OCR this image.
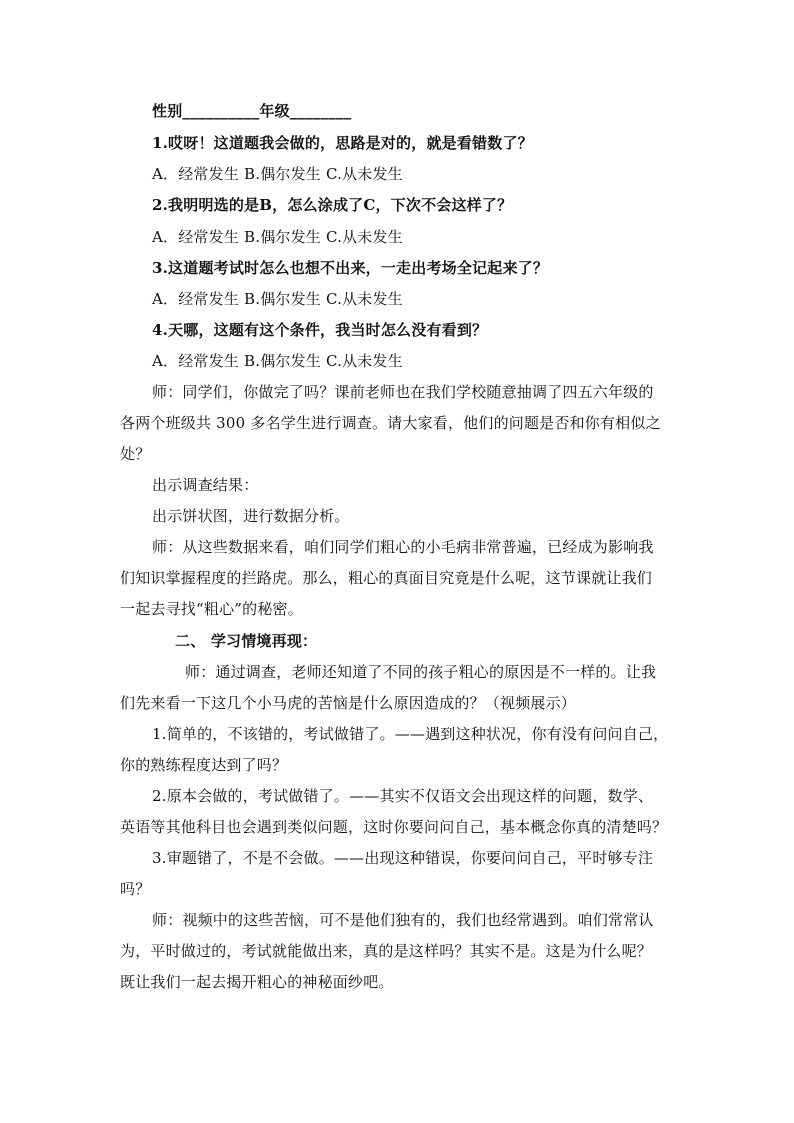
性别__________年级________
1.哎呀！这道题我会做的，思路是对的，就是看错数了？
A．经常发生 B.偶尔发生 C.从未发生
2.我明明选的是B，怎么涂成了C，下次不会这样了？
A．经常发生 B.偶尔发生 C.从未发生
3.这道题考试时怎么也想不出来，一走出考场全记起来了？
A．经常发生 B.偶尔发生 C.从未发生
4.天哪，这题有这个条件，我当时怎么没有看到？
A．经常发生 B.偶尔发生 C.从未发生
师：同学们，你做完了吗？课前老师也在我们学校随意抽调了四五六年级的
各两个班级共 300 多名学生进行调查。请大家看，他们的问题是否和你有相似之
处？
出示调查结果：
出示饼状图，进行数据分析。
师：从这些数据来看，咱们同学们粗心的小毛病非常普遍，已经成为影响我
们知识掌握程度的拦路虎。那么，粗心的真面目究竟是什么呢，这节课就让我们
一起去寻找“粗心”的秘密。
二、 学习情境再现：
师：通过调查，老师还知道了不同的孩子粗心的原因是不一样的。让我
们先来看一下这几个小马虎的苦恼是什么原因造成的？（视频展示）
1.简单的，不该错的，考试做错了。——遇到这种状况，你有没有问问自己，
你的熟练程度达到了吗？
2.原本会做的，考试做错了。——其实不仅语文会出现这样的问题，数学、
英语等其他科目也会遇到类似问题，这时你要问问自己，基本概念你真的清楚吗？
3.审题错了，不是不会做。——出现这种错误，你要问问自己，平时够专注
吗？
师：视频中的这些苦恼，可不是他们独有的，我们也经常遇到。咱们常常认
为，平时做过的，考试就能做出来，真的是这样吗？其实不是。这是为什么呢？
既让我们一起去揭开粗心的神秘面纱吧。
